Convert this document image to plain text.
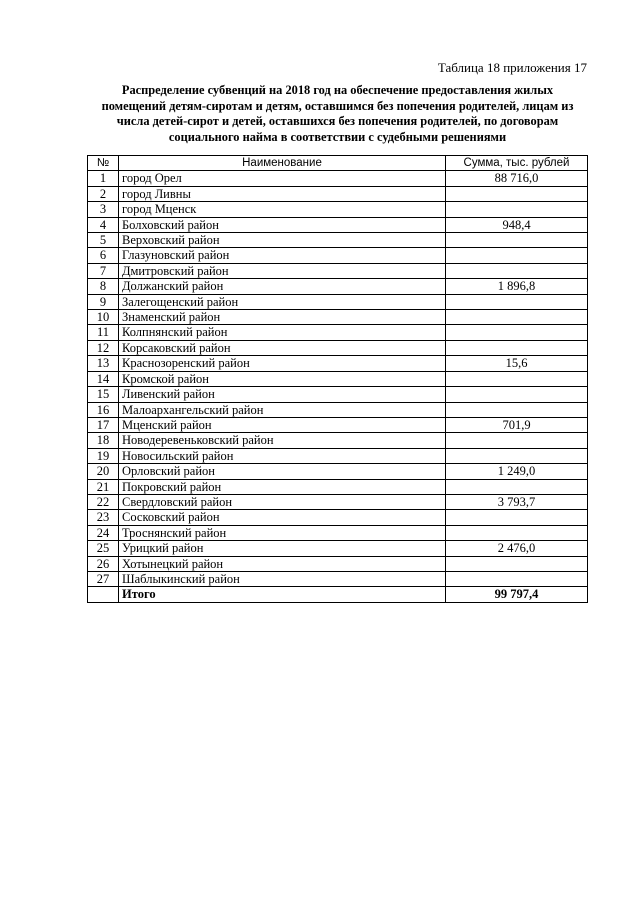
Таблица 18 приложения 17
Распределение субвенций на 2018 год на обеспечение предоставления жилых
помещений детям-сиротам и детям, оставшимся без попечения родителей, лицам из
числа детей-сирот и детей, оставшихся без попечения родителей, по договорам
социального найма в соответствии с судебными решениями
№	Наименование	Сумма, тыс. рублей
1	город Орел	88 716,0
2	город Ливны	
3	город Мценск	
4	Болховский район	948,4
5	Верховский район	
6	Глазуновский район	
7	Дмитровский район	
8	Должанский район	1 896,8
9	Залегощенский район	
10	Знаменский район	
11	Колпнянский район	
12	Корсаковский район	
13	Краснозоренский район	15,6
14	Кромской район	
15	Ливенский район	
16	Малоархангельский район	
17	Мценский район	701,9
18	Новодеревеньковский район	
19	Новосильский район	
20	Орловский район	1 249,0
21	Покровский район	
22	Свердловский район	3 793,7
23	Сосковский район	
24	Троснянский район	
25	Урицкий район	2 476,0
26	Хотынецкий район	
27	Шаблыкинский район	
	Итого	99 797,4
